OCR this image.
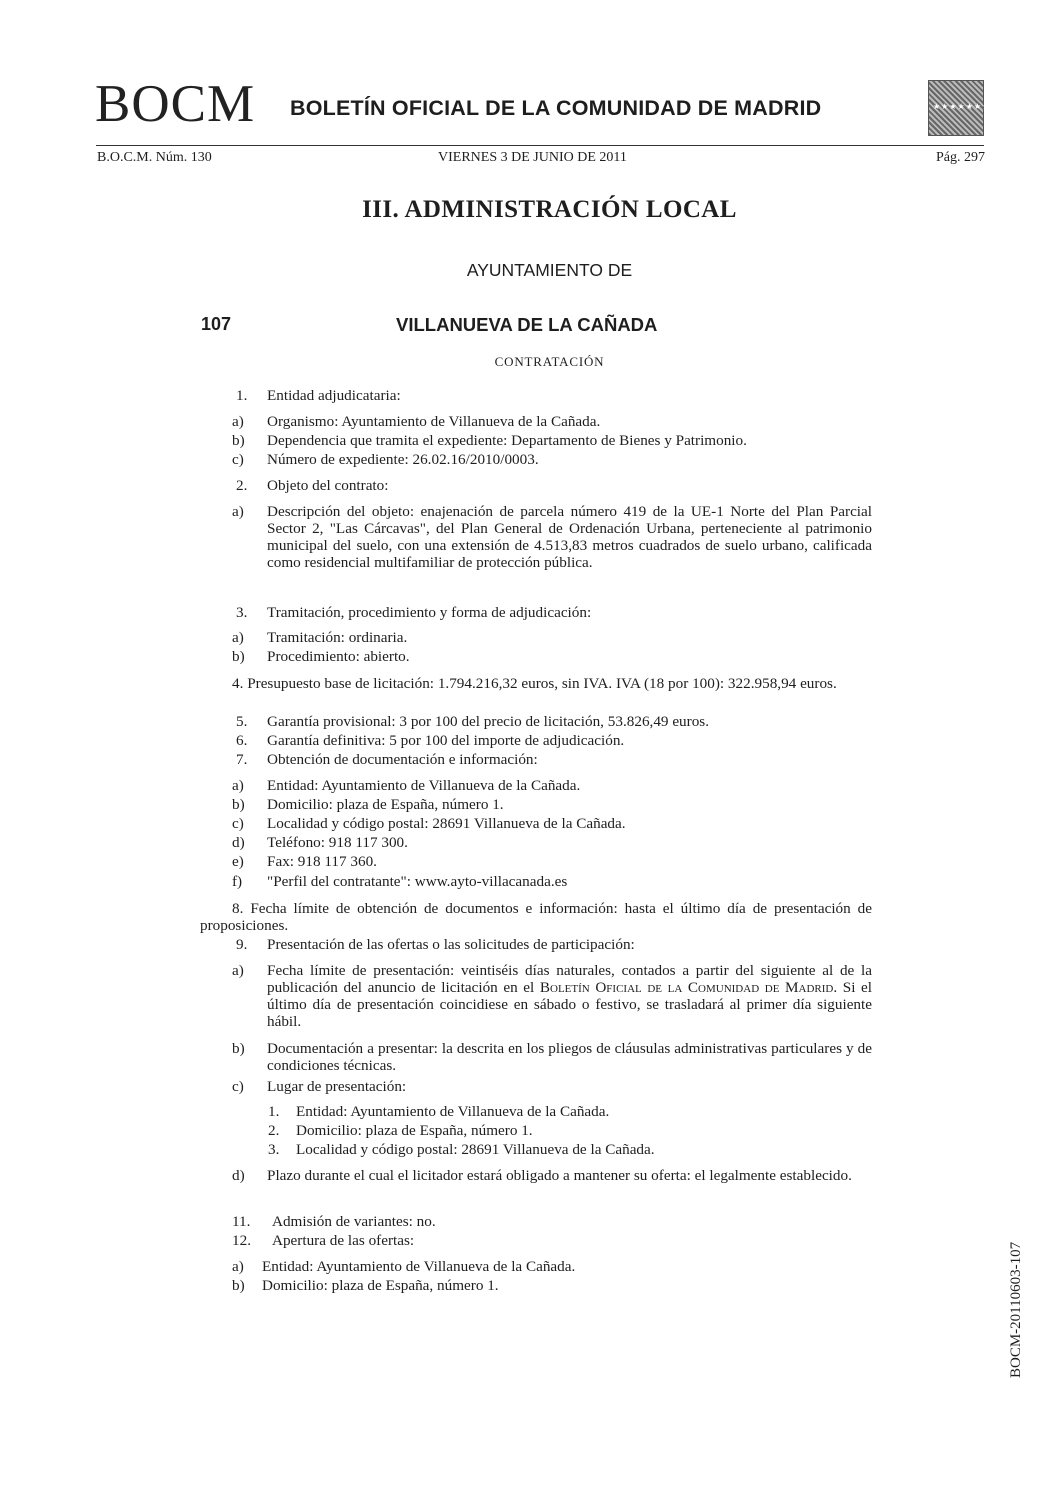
BOCM BOLETÍN OFICIAL DE LA COMUNIDAD DE MADRID	★★★★★★★
B.O.C.M. Núm. 130	VIERNES 3 DE JUNIO DE 2011	Pág. 297
III. ADMINISTRACIÓN LOCAL
AYUNTAMIENTO DE
107	VILLANUEVA DE LA CAÑADA
CONTRATACIÓN
1. Entidad adjudicataria:
a) Organismo: Ayuntamiento de Villanueva de la Cañada.
b) Dependencia que tramita el expediente: Departamento de Bienes y Patrimonio.
c) Número de expediente: 26.02.16/2010/0003.
2. Objeto del contrato:
a) Descripción del objeto: enajenación de parcela número 419 de la UE-1 Norte del Plan Parcial Sector 2, "Las Cárcavas", del Plan General de Ordenación Urbana, perteneciente al patrimonio municipal del suelo, con una extensión de 4.513,83 metros cuadrados de suelo urbano, calificada como residencial multifamiliar de protección pública.
3. Tramitación, procedimiento y forma de adjudicación:
a) Tramitación: ordinaria.
b) Procedimiento: abierto.
4. Presupuesto base de licitación: 1.794.216,32 euros, sin IVA. IVA (18 por 100): 322.958,94 euros.
5. Garantía provisional: 3 por 100 del precio de licitación, 53.826,49 euros.
6. Garantía definitiva: 5 por 100 del importe de adjudicación.
7. Obtención de documentación e información:
a) Entidad: Ayuntamiento de Villanueva de la Cañada.
b) Domicilio: plaza de España, número 1.
c) Localidad y código postal: 28691 Villanueva de la Cañada.
d) Teléfono: 918 117 300.
e) Fax: 918 117 360.
f) "Perfil del contratante": www.ayto-villacanada.es
8. Fecha límite de obtención de documentos e información: hasta el último día de presentación de proposiciones.
9. Presentación de las ofertas o las solicitudes de participación:
a) Fecha límite de presentación: veintiséis días naturales, contados a partir del siguiente al de la publicación del anuncio de licitación en el Boletín Oficial de la Comunidad de Madrid. Si el último día de presentación coincidiese en sábado o festivo, se trasladará al primer día siguiente hábil.
b) Documentación a presentar: la descrita en los pliegos de cláusulas administrativas particulares y de condiciones técnicas.
c) Lugar de presentación:
1. Entidad: Ayuntamiento de Villanueva de la Cañada.
2. Domicilio: plaza de España, número 1.
3. Localidad y código postal: 28691 Villanueva de la Cañada.
d) Plazo durante el cual el licitador estará obligado a mantener su oferta: el legalmente establecido.
11. Admisión de variantes: no.
12. Apertura de las ofertas:
a) Entidad: Ayuntamiento de Villanueva de la Cañada.
b) Domicilio: plaza de España, número 1.	BOCM-20110603-107
